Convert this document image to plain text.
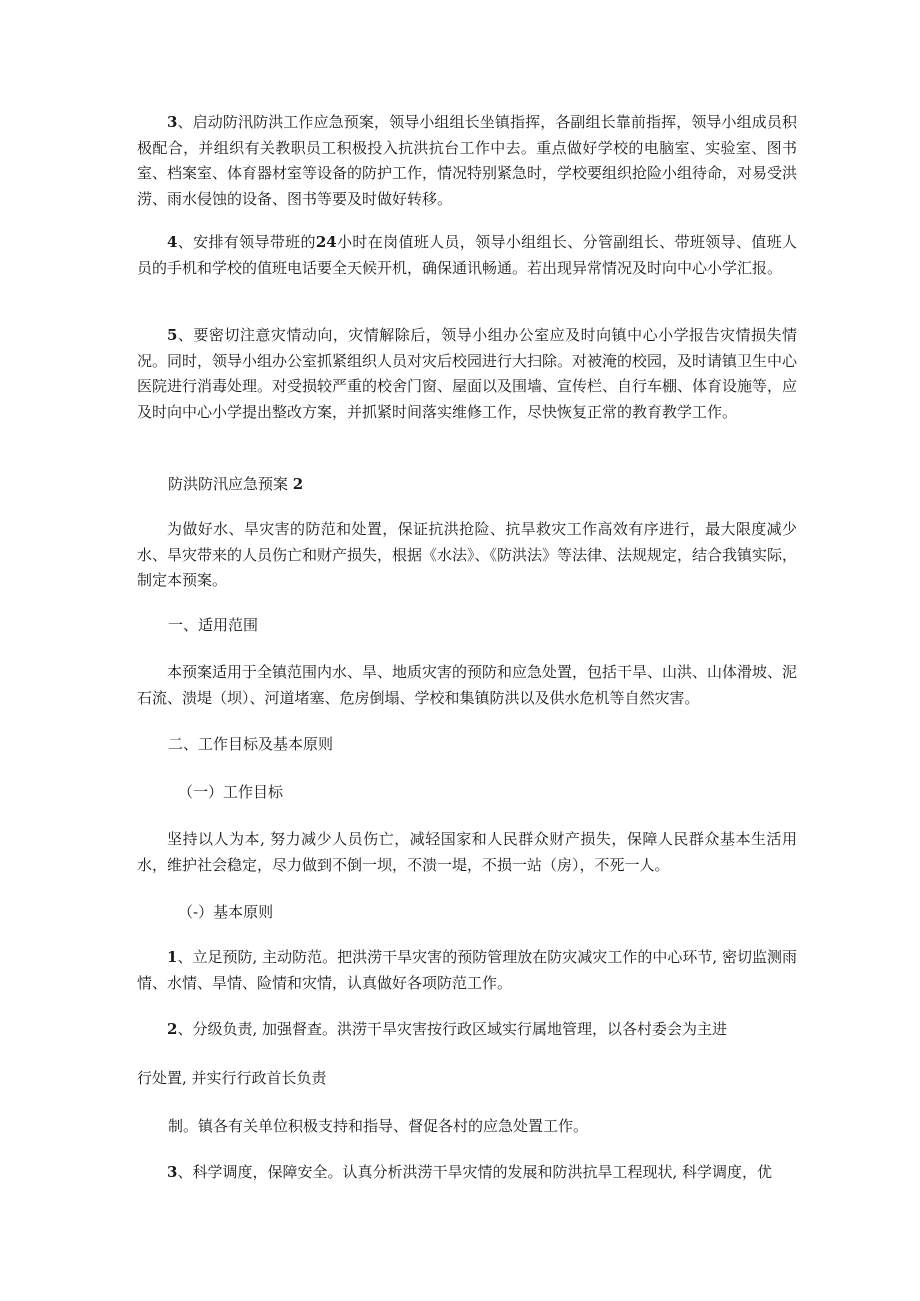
3、启动防汛防洪工作应急预案，领导小组组长坐镇指挥，各副组长靠前指挥，领导小组成员积极配合，并组织有关教职员工积极投入抗洪抗台工作中去。重点做好学校的电脑室、实验室、图书室、档案室、体育器材室等设备的防护工作，情况特别紧急时，学校要组织抢险小组待命，对易受洪涝、雨水侵蚀的设备、图书等要及时做好转移。

4、安排有领导带班的24小时在岗值班人员，领导小组组长、分管副组长、带班领导、值班人员的手机和学校的值班电话要全天候开机，确保通讯畅通。若出现异常情况及时向中心小学汇报。

5、要密切注意灾情动向，灾情解除后，领导小组办公室应及时向镇中心小学报告灾情损失情况。同时，领导小组办公室抓紧组织人员对灾后校园进行大扫除。对被淹的校园，及时请镇卫生中心医院进行消毒处理。对受损较严重的校舍门窗、屋面以及围墙、宣传栏、自行车棚、体育设施等，应及时向中心小学提出整改方案，并抓紧时间落实维修工作，尽快恢复正常的教育教学工作。

防洪防汛应急预案 2

为做好水、旱灾害的防范和处置，保证抗洪抢险、抗旱救灾工作高效有序进行，最大限度减少水、旱灾带来的人员伤亡和财产损失，根据《水法》、《防洪法》等法律、法规规定，结合我镇实际，制定本预案。

一、适用范围

本预案适用于全镇范围内水、旱、地质灾害的预防和应急处置，包括干旱、山洪、山体滑坡、泥石流、溃堤（坝）、河道堵塞、危房倒塌、学校和集镇防洪以及供水危机等自然灾害。

二、工作目标及基本原则

（一）工作目标

坚持以人为本, 努力减少人员伤亡，减轻国家和人民群众财产损失，保障人民群众基本生活用水，维护社会稳定，尽力做到不倒一坝，不溃一堤，不损一站（房），不死一人。

（-）基本原则

1、立足预防, 主动防范。把洪涝干旱灾害的预防管理放在防灾减灾工作的中心环节, 密切监测雨情、水情、旱情、险情和灾情，认真做好各项防范工作。

2、分级负责, 加强督查。洪涝干旱灾害按行政区域实行属地管理，以各村委会为主进

行处置, 并实行行政首长负责

制。镇各有关单位积极支持和指导、督促各村的应急处置工作。

3、科学调度，保障安全。认真分析洪涝干旱灾情的发展和防洪抗旱工程现状, 科学调度，优
